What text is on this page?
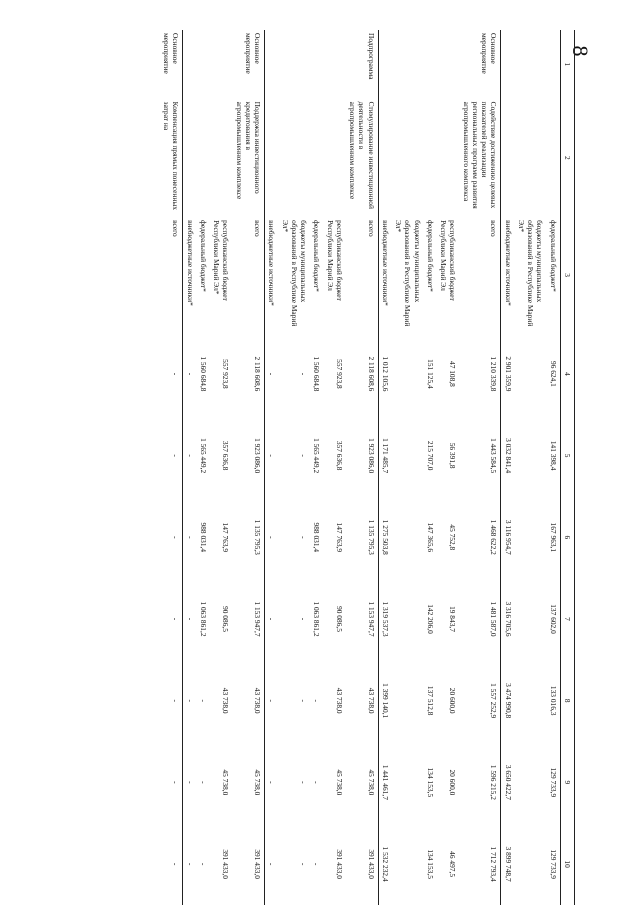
8
1	2	3	4	5	6	7	8	9	10
		федеральный бюджет*	96 624,1	141 398,4	167 963,1	137 602,0	133 016,3	129 733,9	129 733,9
		бюджеты муниципальных образований в Республике Марий Эл*							
		внебюджетные источники*	2 901 359,9	3 032 841,4	3 116 954,7	3 316 705,6	3 474 990,8	3 650 422,7	3 899 748,7
Основное мероприятие	Содействие достижению целевых показателей реализации региональных программ развития агропромышленного комплекса	всего	1 210 339,8	1 443 584,5	1 468 622,2	1 481 587,0	1 557 252,9	1 596 215,2	1 712 793,4
		республиканский бюджет Республики Марий Эл	47 108,8	56 391,8	45 752,8	19 843,7	20 600,0	20 600,0	46 497,5
		федеральный бюджет*	151 125,4	215 707,0	147 365,6	142 206,0	137 512,8	134 153,5	134 153,5
		бюджеты муниципальных образований в Республике Марий Эл*							
		внебюджетные источники*	1 012 105,6	1 171 485,7	1 275 503,8	1 319 537,3	1 399 140,1	1 441 461,7	1 532 232,4
Подпрограмма	Стимулирование инвестиционной деятельности в агропромышленном комплексе	всего	2 118 608,6	1 923 086,0	1 135 795,3	1 153 947,7	43 738,0	45 738,0	391 433,0
		республиканский бюджет Республики Марий Эл	557 923,8	357 636,8	147 763,9	90 086,5	43 738,0	45 738,0	391 433,0
		федеральный бюджет*	1 560 684,8	1 565 449,2	988 031,4	1 063 861,2	-	-	-
		бюджеты муниципальных образований в Республике Марий Эл*	-	-	-	-	-	-	-
		внебюджетные источники*	-	-	-	-	-	-	-
Основное мероприятие	Поддержка инвестиционного кредитования в агропромышленном комплексе	всего	2 118 608,6	1 923 086,0	1 135 795,3	1 153 947,7	43 738,0	45 738,0	391 433,0
		республиканский бюджет Республики Марий Эл*	557 923,8	357 636,8	147 763,9	90 086,5	43 738,0	45 738,0	391 433,0
		федеральный бюджет*	1 560 684,8	1 565 449,2	988 031,4	1 063 861,2	-	-	-
		внебюджетные источники*	-	-	-	-	-	-	-
Основное мероприятие	Компенсация прямых понесенных затрат на	всего	-	-	-	-	-	-	-
